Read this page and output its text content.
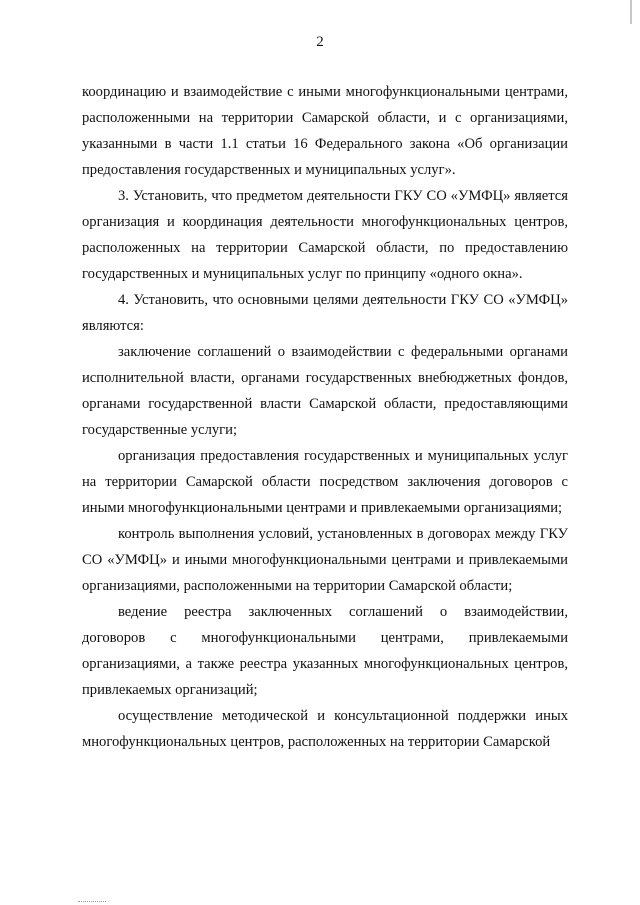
2

координацию и взаимодействие с иными многофункциональными центрами, расположенными на территории Самарской области, и с организациями, указанными в части 1.1 статьи 16 Федерального закона «Об организации предоставления государственных и муниципальных услуг».

3. Установить, что предметом деятельности ГКУ СО «УМФЦ» является организация и координация деятельности многофункциональных центров, расположенных на территории Самарской области, по предоставлению государственных и муниципальных услуг по принципу «одного окна».

4. Установить, что основными целями деятельности ГКУ СО «УМФЦ» являются:

заключение соглашений о взаимодействии с федеральными органами исполнительной власти, органами государственных внебюджетных фондов, органами государственной власти Самарской области, предоставляющими государственные услуги;

организация предоставления государственных и муниципальных услуг на территории Самарской области посредством заключения договоров с иными многофункциональными центрами и привлекаемыми организациями;

контроль выполнения условий, установленных в договорах между ГКУ СО «УМФЦ» и иными многофункциональными центрами и привлекаемыми организациями, расположенными на территории Самарской области;

ведение реестра заключенных соглашений о взаимодействии, договоров с многофункциональными центрами, привлекаемыми организациями, а также реестра указанных многофункциональных центров, привлекаемых организаций;

осуществление методической и консультационной поддержки иных многофункциональных центров, расположенных на территории Самарской
